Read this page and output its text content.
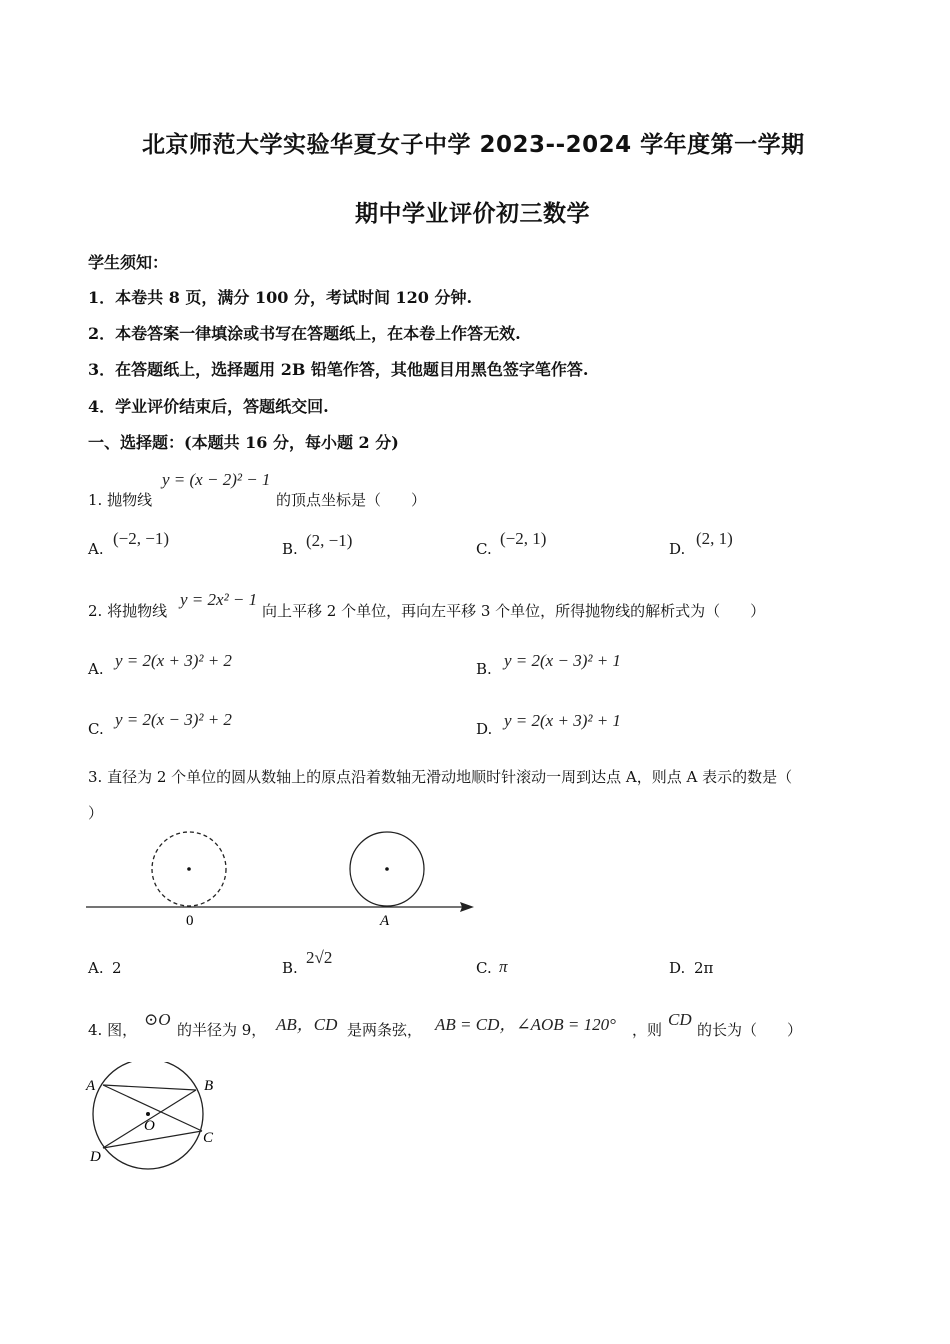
北京师范大学实验华夏女子中学 2023--2024 学年度第一学期
期中学业评价初三数学
学生须知：
1．本卷共 8 页，满分 100 分，考试时间 120 分钟.
2．本卷答案一律填涂或书写在答题纸上，在本卷上作答无效.
3．在答题纸上，选择题用 2B 铅笔作答，其他题目用黑色签字笔作答.
4．学业评价结束后，答题纸交回.
一、选择题：(本题共 16 分，每小题 2 分)
1. 抛物线
y = (x − 2)² − 1
的顶点坐标是（　　）
A.
(−2, −1)
B. (2, −1)	C.
(−2, 1)
D.
(2, 1)
2. 将抛物线
y = 2x² − 1
向上平移 2 个单位，再向左平移 3 个单位，所得抛物线的解析式为（　　）
A. y = 2(x + 3)² + 2	B. y = 2(x − 3)² + 1
C. y = 2(x − 3)² + 2	D. y = 2(x + 3)² + 1
3. 直径为 2 个单位的圆从数轴上的原点沿着数轴无滑动地顺时针滚动一周到达点 A，则点 A 表示的数是（
）
0	A
A. 2	B.
2√2
C. π	D. 2π
4. 图，
⊙O
的半径为 9， AB，CD 是两条弦， AB = CD，∠AOB = 120° ，则
CD
的长为（　　）
A	B
C
D
O
